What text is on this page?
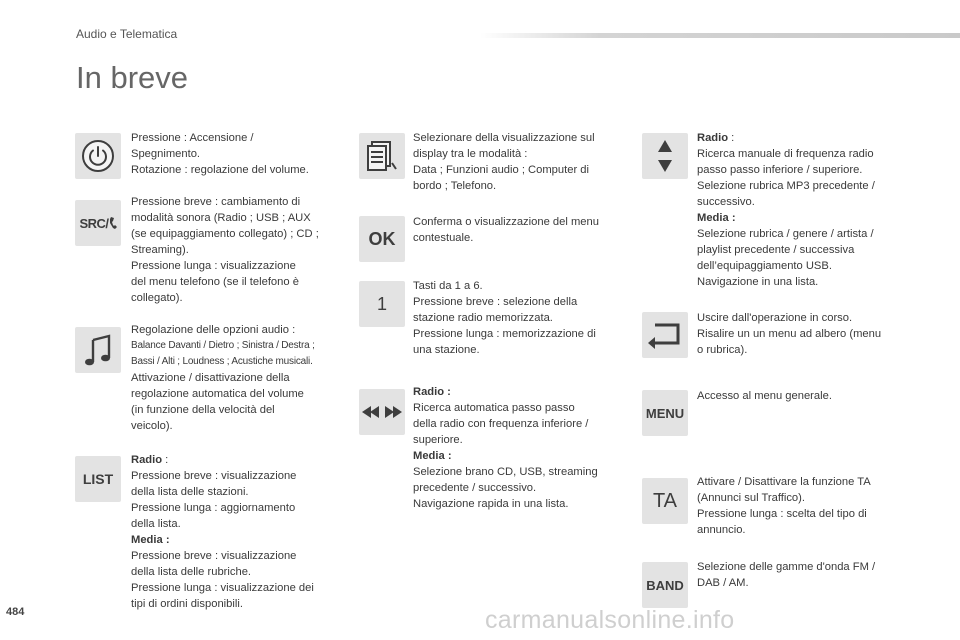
Audio e Telematica
In breve
Pressione : Accensione /
Spegnimento.
Rotazione : regolazione del volume.
SRC/
Pressione breve : cambiamento di
modalità sonora (Radio ; USB ; AUX
(se equipaggiamento collegato) ; CD ;
Streaming).
Pressione lunga : visualizzazione
del menu telefono (se il telefono è
collegato).
Regolazione delle opzioni audio :
Balance Davanti / Dietro ; Sinistra / Destra ;
Bassi / Alti ; Loudness ; Acustiche musicali.
Attivazione / disattivazione della
regolazione automatica del volume
(in funzione della velocità del
veicolo).
LIST
Radio :
Pressione breve : visualizzazione
della lista delle stazioni.
Pressione lunga : aggiornamento
della lista.
Media :
Pressione breve : visualizzazione
della lista delle rubriche.
Pressione lunga : visualizzazione dei
tipi di ordini disponibili.
Selezionare della visualizzazione sul
display tra le modalità :
Data ; Funzioni audio ; Computer di
bordo ; Telefono.
OK
Conferma o visualizzazione del menu
contestuale.
1
Tasti da 1 a 6.
Pressione breve : selezione della
stazione radio memorizzata.
Pressione lunga : memorizzazione di
una stazione.
Radio :
Ricerca automatica passo passo
della radio con frequenza inferiore /
superiore.
Media :
Selezione brano CD, USB, streaming
precedente / successivo.
Navigazione rapida in una lista.
Radio :
Ricerca manuale di frequenza radio
passo passo inferiore / superiore.
Selezione rubrica MP3 precedente /
successivo.
Media :
Selezione rubrica / genere / artista /
playlist precedente / successiva
dell’equipaggiamento USB.
Navigazione in una lista.
Uscire dall'operazione in corso.
Risalire un un menu ad albero (menu
o rubrica).
MENU
Accesso al menu generale.
TA
Attivare / Disattivare la funzione TA
(Annunci sul Traffico).
Pressione lunga : scelta del tipo di
annuncio.
BAND
Selezione delle gamme d'onda FM /
DAB / AM.
484	carmanualsonline.info
